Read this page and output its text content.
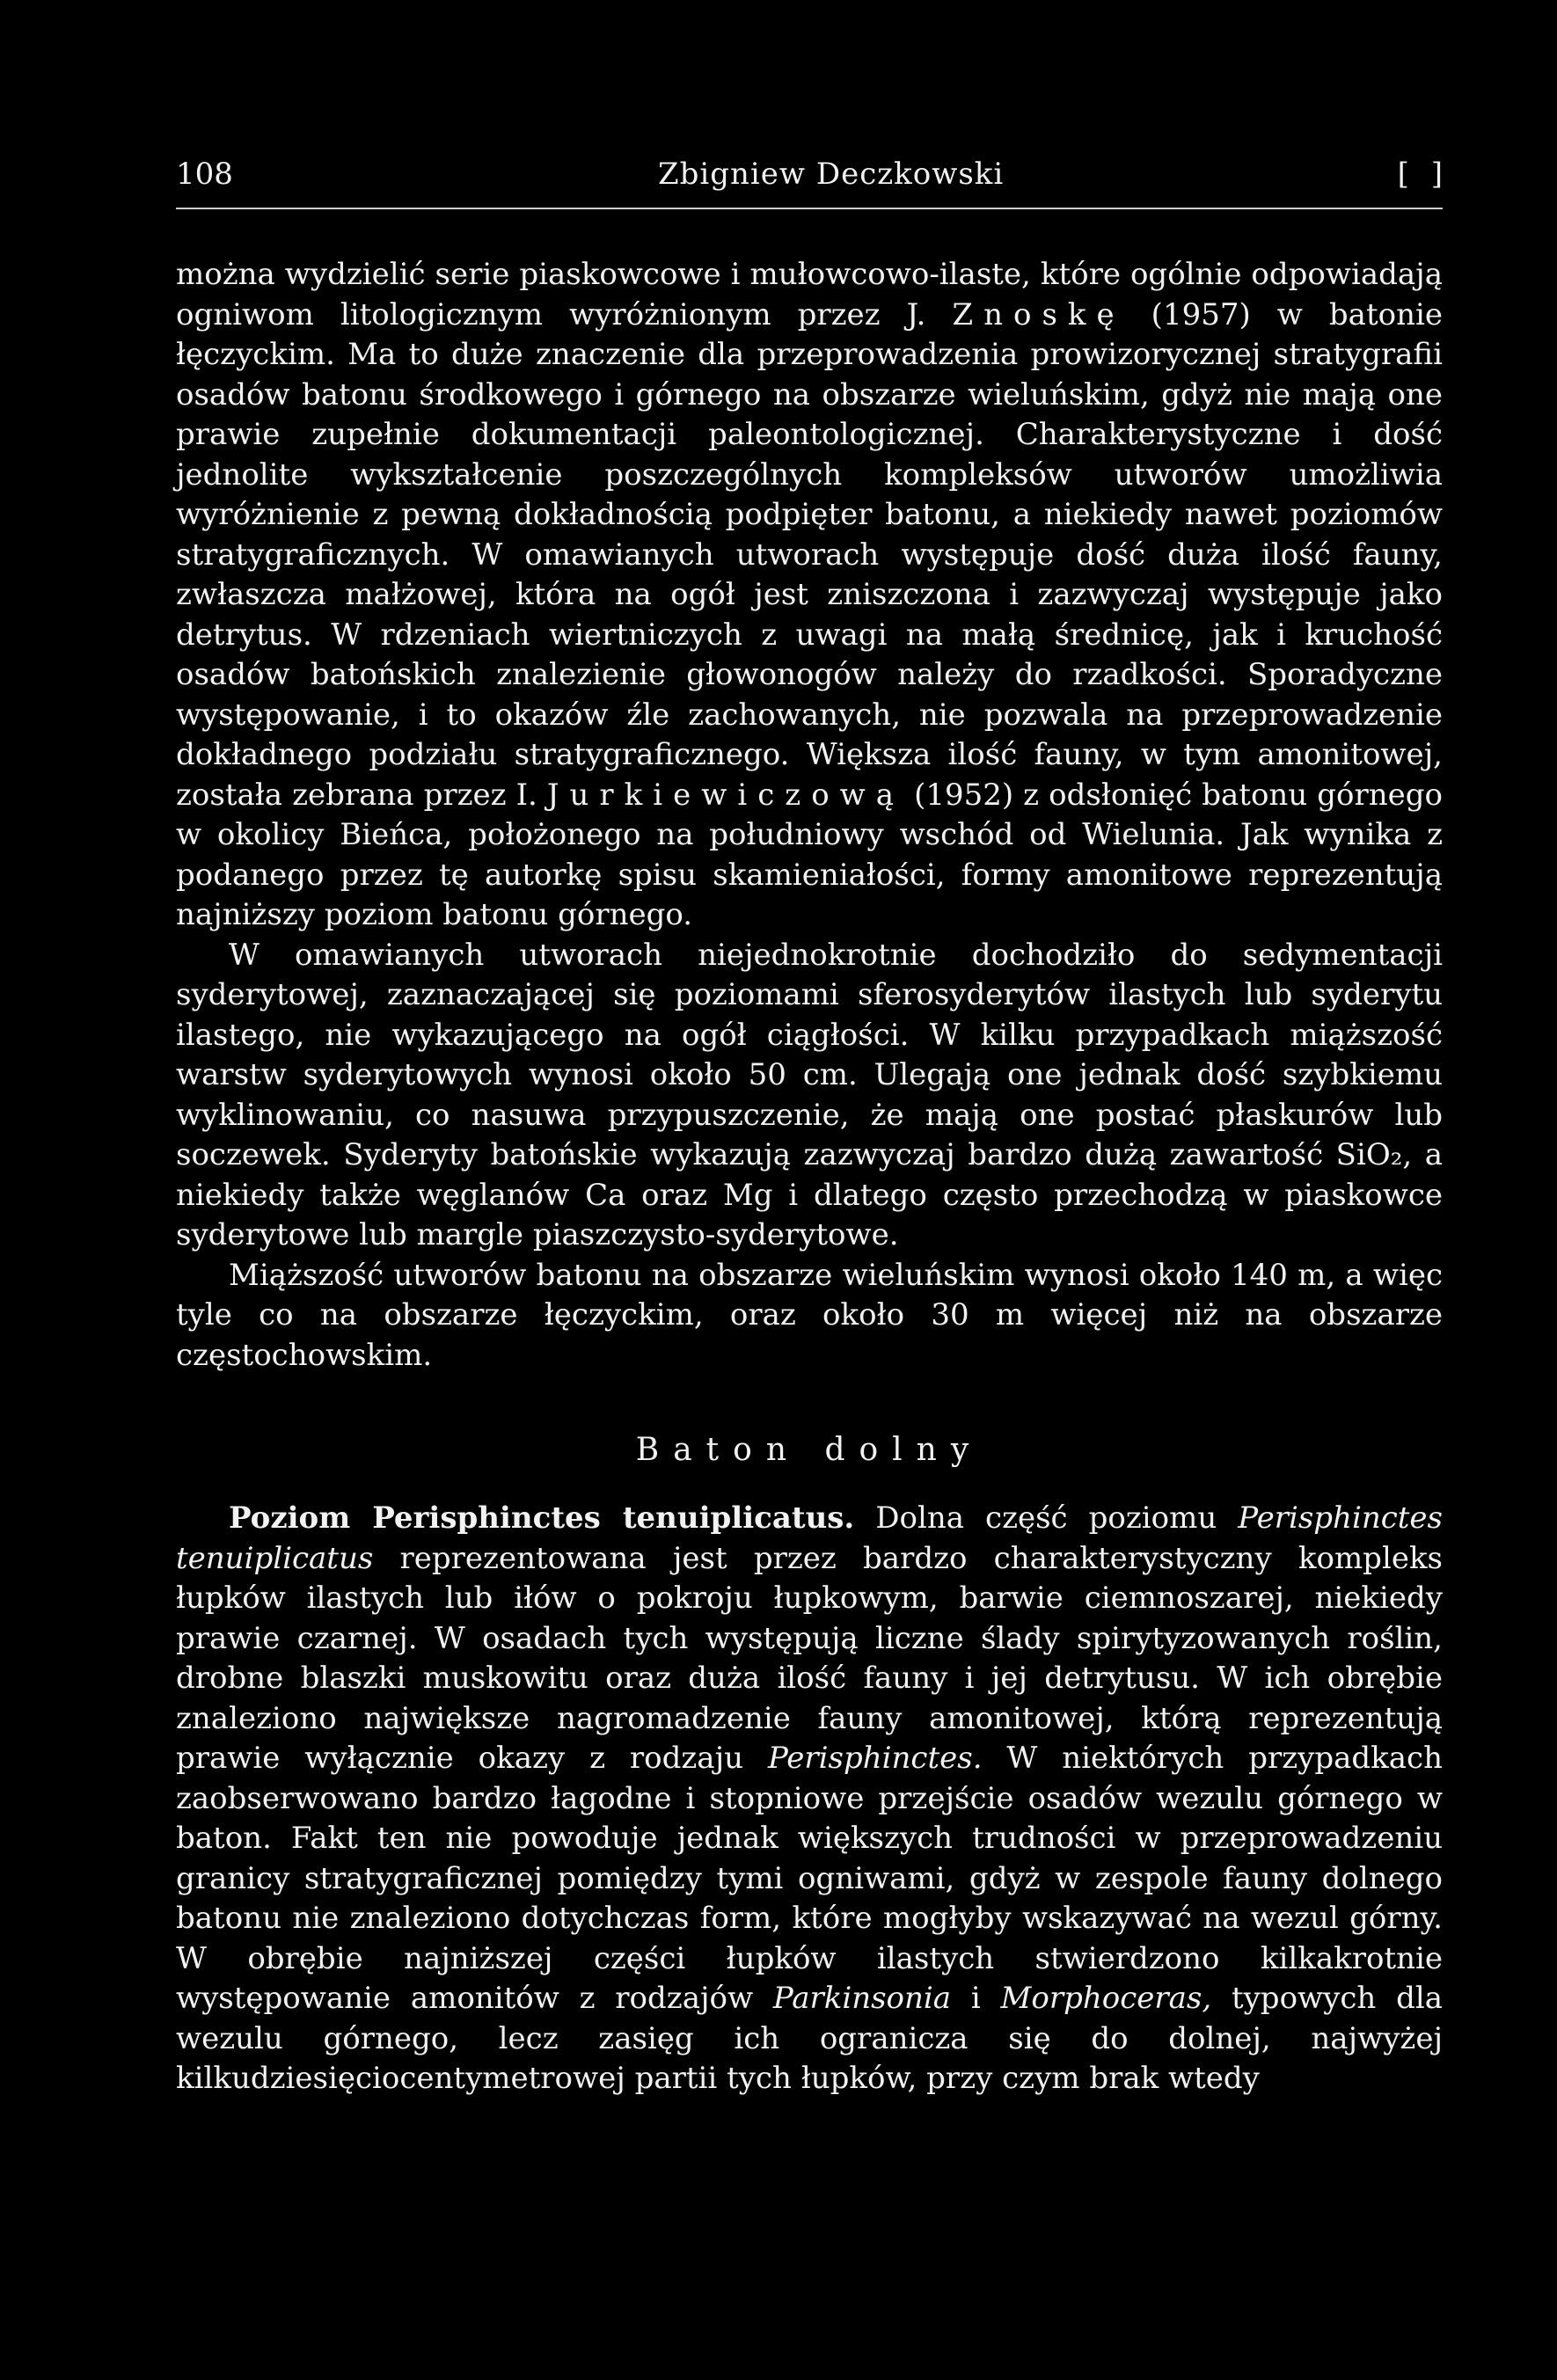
108	Zbigniew Deczkowski	[ ]

można wydzielić serie piaskowcowe i mułowcowo-ilaste, które ogólnie odpowiadają ogniwom litologicznym wyróżnionym przez J. Znoskę (1957) w batonie łęczyckim. Ma to duże znaczenie dla przeprowadzenia prowizorycznej stratygrafii osadów batonu środkowego i górnego na obszarze wieluńskim, gdyż nie mają one prawie zupełnie dokumentacji paleontologicznej. Charakterystyczne i dość jednolite wykształcenie poszczególnych kompleksów utworów umożliwia wyróżnienie z pewną dokładnością podpięter batonu, a niekiedy nawet poziomów stratygraficznych. W omawianych utworach występuje dość duża ilość fauny, zwłaszcza małżowej, która na ogół jest zniszczona i zazwyczaj występuje jako detrytus. W rdzeniach wiertniczych z uwagi na małą średnicę, jak i kruchość osadów batońskich znalezienie głowonogów należy do rzadkości. Sporadyczne występowanie, i to okazów źle zachowanych, nie pozwala na przeprowadzenie dokładnego podziału stratygraficznego. Większa ilość fauny, w tym amonitowej, została zebrana przez I. Jurkiewiczową (1952) z odsłonięć batonu górnego w okolicy Bieńca, położonego na południowy wschód od Wielunia. Jak wynika z podanego przez tę autorkę spisu skamieniałości, formy amonitowe reprezentują najniższy poziom batonu górnego.

W omawianych utworach niejednokrotnie dochodziło do sedymentacji syderytowej, zaznaczającej się poziomami sferosyderytów ilastych lub syderytu ilastego, nie wykazującego na ogół ciągłości. W kilku przypadkach miąższość warstw syderytowych wynosi około 50 cm. Ulegają one jednak dość szybkiemu wyklinowaniu, co nasuwa przypuszczenie, że mają one postać płaskurów lub soczewek. Syderyty batońskie wykazują zazwyczaj bardzo dużą zawartość SiO₂, a niekiedy także węglanów Ca oraz Mg i dlatego często przechodzą w piaskowce syderytowe lub margle piaszczysto-syderytowe.

Miąższość utworów batonu na obszarze wieluńskim wynosi około 140 m, a więc tyle co na obszarze łęczyckim, oraz około 30 m więcej niż na obszarze częstochowskim.

Baton dolny

Poziom Perisphinctes tenuiplicatus. Dolna część poziomu Perisphinctes tenuiplicatus reprezentowana jest przez bardzo charakterystyczny kompleks łupków ilastych lub iłów o pokroju łupkowym, barwie ciemnoszarej, niekiedy prawie czarnej. W osadach tych występują liczne ślady spirytyzowanych roślin, drobne blaszki muskowitu oraz duża ilość fauny i jej detrytusu. W ich obrębie znaleziono największe nagromadzenie fauny amonitowej, którą reprezentują prawie wyłącznie okazy z rodzaju Perisphinctes. W niektórych przypadkach zaobserwowano bardzo łagodne i stopniowe przejście osadów wezulu górnego w baton. Fakt ten nie powoduje jednak większych trudności w przeprowadzeniu granicy stratygraficznej pomiędzy tymi ogniwami, gdyż w zespole fauny dolnego batonu nie znaleziono dotychczas form, które mogłyby wskazywać na wezul górny. W obrębie najniższej części łupków ilastych stwierdzono kilkakrotnie występowanie amonitów z rodzajów Parkinsonia i Morphoceras, typowych dla wezulu górnego, lecz zasięg ich ogranicza się do dolnej, najwyżej kilkudziesięciocentymetrowej partii tych łupków, przy czym brak wtedy
